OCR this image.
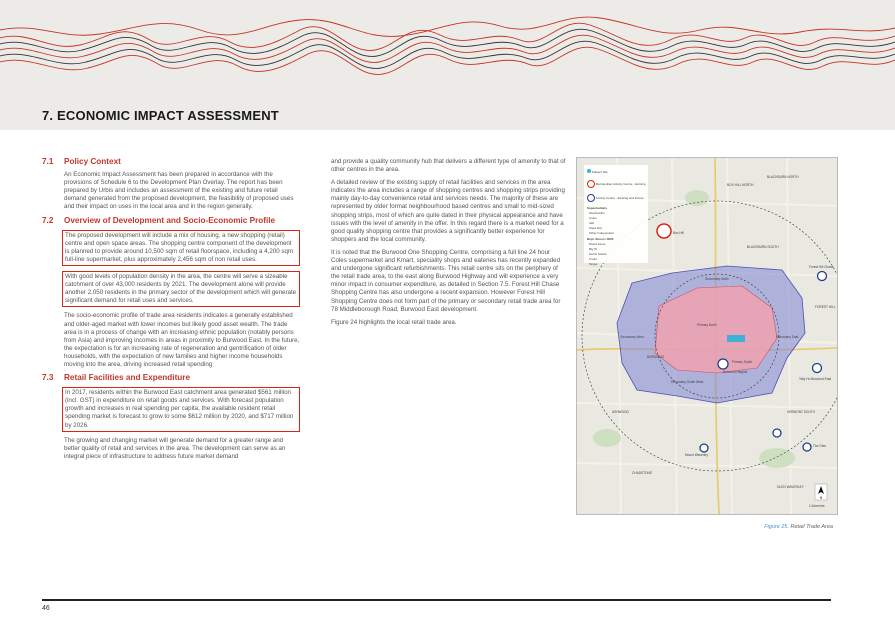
7. ECONOMIC IMPACT ASSESSMENT
7.1 Policy Context

An Economic Impact Assessment has been prepared in accordance with the provisions of Schedule 6 to the Development Plan Overlay. The report has been prepared by Urbis and includes an assessment of the existing and future retail demand generated from the proposed development, the feasibility of proposed uses and their impact on uses in the local area and in the region generally.

7.2 Overview of Development and Socio-Economic Profile

The proposed development will include a mix of housing, a new shopping (retail) centre and open space areas. The shopping centre component of the development is planned to provide around 10,500 sqm of retail floorspace, including a 4,200 sqm full-line supermarket, plus approximately 2,456 sqm of non retail uses.

With good levels of population density in the area, the centre will serve a sizeable catchment of over 43,000 residents by 2021. The development alone will provide another 2,050 residents in the primary sector of the development which will generate significant demand for retail uses and services.

The socio-economic profile of trade area residents indicates a generally established and older-aged market with lower incomes but likely good asset wealth. The trade area is in a process of change with an increasing ethnic population (notably persons from Asia) and improving incomes in areas in proximity to Burwood East. In the future, the expectation is for an increasing rate of regeneration and gentrification of older households, with the expectation of new families and higher income households moving into the area, driving increased retail spending

7.3 Retail Facilities and Expenditure

In 2017, residents within the Burwood East catchment area generated $561 million (incl. GST) in expenditure on retail goods and services. With forecast population growth and increases in real spending per capita, the available resident retail spending market is forecast to grow to some $612 million by 2020, and $717 million by 2026.

The growing and changing market will generate demand for a greater range and better quality of retail and services in the area. The development can serve as an integral piece of infrastructure to address future market demand

and provide a quality community hub that delivers a different type of amenity to that of other centres in the area.

A detailed review of the existing supply of retail facilities and services in the area indicates the area includes a range of shopping centres and shopping strips providing mainly day-to-day convenience retail and services needs. The majority of these are represented by older format neighbourhood based centres and small to mid-sized shopping strips, most of which are quite dated in their physical appearance and have issues with the level of amenity in the offer. In this regard there is a market need for a good quality shopping centre that provides a significantly better experience for shoppers and the local community.

It is noted that the Burwood One Shopping Centre, comprising a full line 24 hour Coles supermarket and Kmart, speciality shops and eateries has recently expanded and undergone significant refurbishments. This retail centre sits on the periphery of the retail trade area, to the east along Burwood Highway and will experience a very minor impact in consumer expenditure, as detailed in Section 7.5. Forest Hill Chase Shopping Centre has also undergone a recent expansion. However Forest Hill Shopping Centre does not form part of the primary or secondary retail trade area for 78 Middleborough Road, Burwood East development.

Figure 24 highlights the local retail trade area.

Secondary North
Primary North
Secondary South West
Secondary West	Secondary East
Primary South
Box Hill
Forest Hill Chase
Tally Ho Burwood East
Burwood Heights
The Glen
Mount Waverley
BLACKBURN NORTH
BOX HILL NORTH
BLACKBURN SOUTH
BURWOOD
ASHWOOD
CHADSTONE
GLEN WAVERLEY
FOREST HILL
VERMONT SOUTH
1 kilometre
N
Subject Site
Metropolitan Activity Centre - Existing
Activity Centre - Existing and Future
Supermarkets
Woolworths
Coles
Aldi
Supa IGA
Other Independent
Dept. Stores / DDS
David Jones
Big W
Harris Scarfe
Kmart
Target
Figure 25. Retail Trade Area
46
